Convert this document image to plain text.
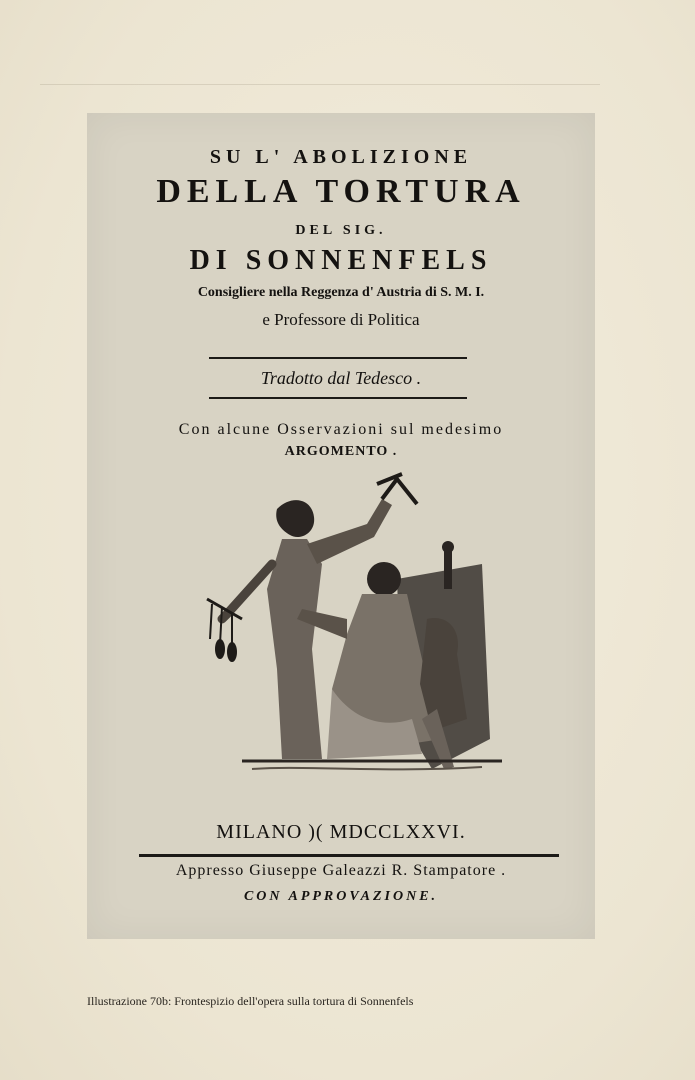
SU L' ABOLIZIONE
DELLA TORTURA
DEL SIG.
DI SONNENFELS
Consigliere nella Reggenza d' Austria di S. M. I.
e Professore di Politica
Tradotto dal Tedesco .
Con alcune Osservazioni sul medesimo
ARGOMENTO .
MILANO )( MDCCLXXVI.
Appresso Giuseppe Galeazzi R. Stampatore .
CON APPROVAZIONE.
Illustrazione 70b: Frontespizio dell'opera sulla tortura di Sonnenfels
